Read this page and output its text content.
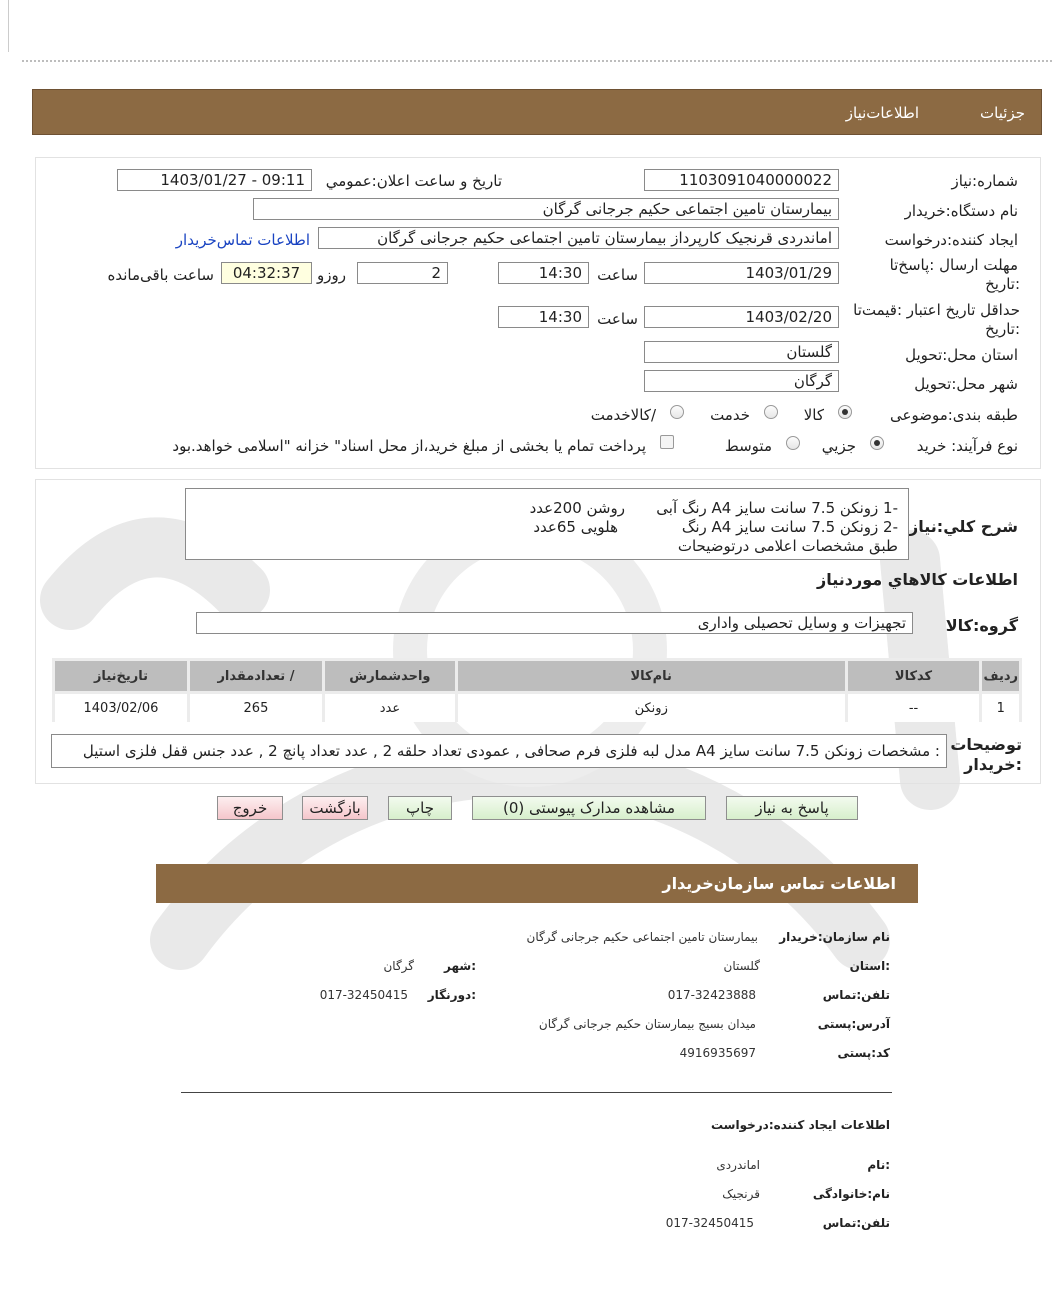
اطلاعات‌نیاز	جزئیات
شماره:نیاز
1103091040000022
تاریخ و ساعت اعلان:عمومي
1403/01/27 - 09:11
نام دستگاه:خریدار
بیمارستان تامین اجتماعی حکیم جرجانی گرگان
ایجاد کننده:درخواست
اماندردی قرنجیک کارپرداز بیمارستان تامین اجتماعی حکیم جرجانی گرگان
اطلاعات تماس‌خریدار
مهلت ارسال :پاسخ‌تا
:تاریخ
1403/01/29
ساعت
14:30
2
روزو
04:32:37
ساعت باقی‌مانده
حداقل تاریخ اعتبار :قیمت‌تا
:تاریخ
1403/02/20
ساعت
14:30
استان محل:تحویل
گلستان
شهر محل:تحویل
گرگان
طبقه بندی:موضوعی
کالا
خدمت
/کالاخدمت
نوع فرآیند: خرید
جزيي
متوسط
پرداخت تمام یا بخشی از مبلغ خرید،از محل اسناد" خزانه "اسلامی خواهد.بود
شرح کلي:نیاز
-1 زونکن 7.5 سانت سایز A4 رنگ آبی
روشن 200عدد
-2 زونکن 7.5 سانت سایز A4 رنگ
هلویی 65عدد
طبق مشخصات اعلامی درتوضیحات
اطلاعات کالاهاي موردنياز
گروه:کالا
تجهیزات و وسایل تحصیلی واداری
ردیف	کدکالا	نام‌کالا	واحدشمارش	/ تعدادمقدار	تاریخ‌نیاز
1	--	زونکن	عدد	265	1403/02/06
توضیحات
:خریدار
: مشخصات زونکن 7.5 سانت سایز A4 مدل لبه فلزی فرم صحافی , عمودی تعداد حلقه 2 , عدد تعداد پانچ 2 , عدد جنس قفل فلزی استیل
پاسخ به نیاز
مشاهده مدارک پیوستی (0)
چاپ
بازگشت
خروج
اطلاعات تماس سازمان‌خریدار
نام سازمان:خریدار
بیمارستان تامین اجتماعی حکیم جرجانی گرگان
:استان
گلستان
:شهر
گرگان
تلفن:تماس
017-32423888
:دورنگار
017-32450415
آدرس:پستی
میدان بسیج بیمارستان حکیم جرجانی گرگان
کد:پستی
4916935697
اطلاعات ایجاد کننده:درخواست
:نام
اماندردی
نام:خانوادگی
قرنجیک
تلفن:تماس
017-32450415
